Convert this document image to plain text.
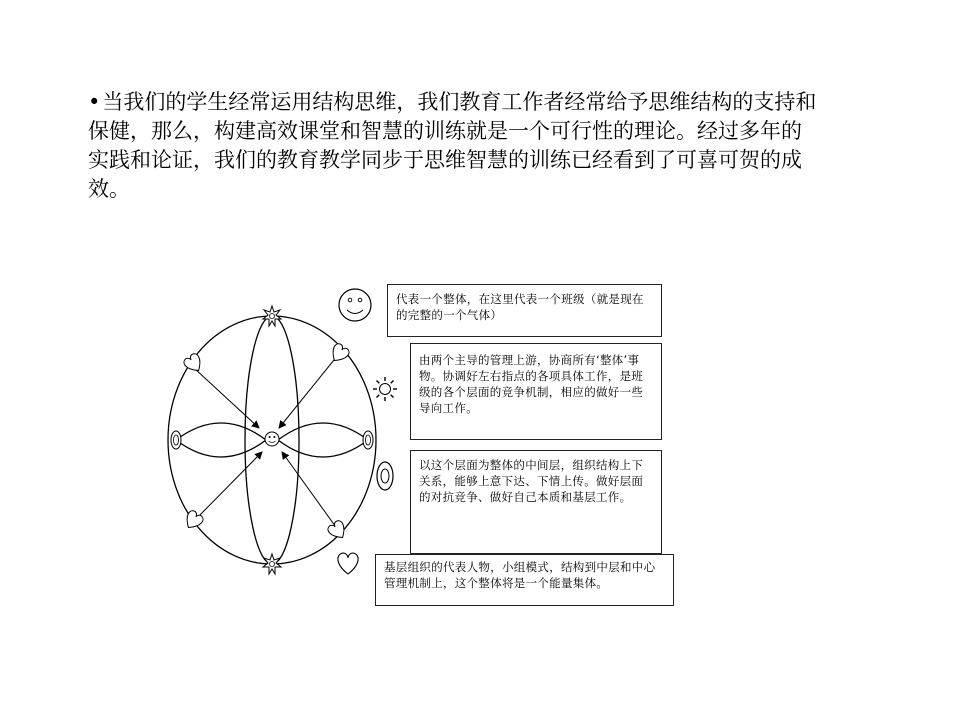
•当我们的学生经常运用结构思维，我们教育工作者经常给予思维结构的支持和保健，那么，构建高效课堂和智慧的训练就是一个可行性的理论。经过多年的实践和论证，我们的教育教学同步于思维智慧的训练已经看到了可喜可贺的成效。

代表一个整体，在这里代表一个班级（就是现在的完整的一个气体）
由两个主导的管理上游，协商所有‘整体’事物。协调好左右指点的各项具体工作，是班级的各个层面的竞争机制，相应的做好一些导向工作。
以这个层面为整体的中间层，组织结构上下关系，能够上意下达、下情上传。做好层面的对抗竞争、做好自己本质和基层工作。
基层组织的代表人物，小组模式，结构到中层和中心管理机制上，这个整体将是一个能量集体。
